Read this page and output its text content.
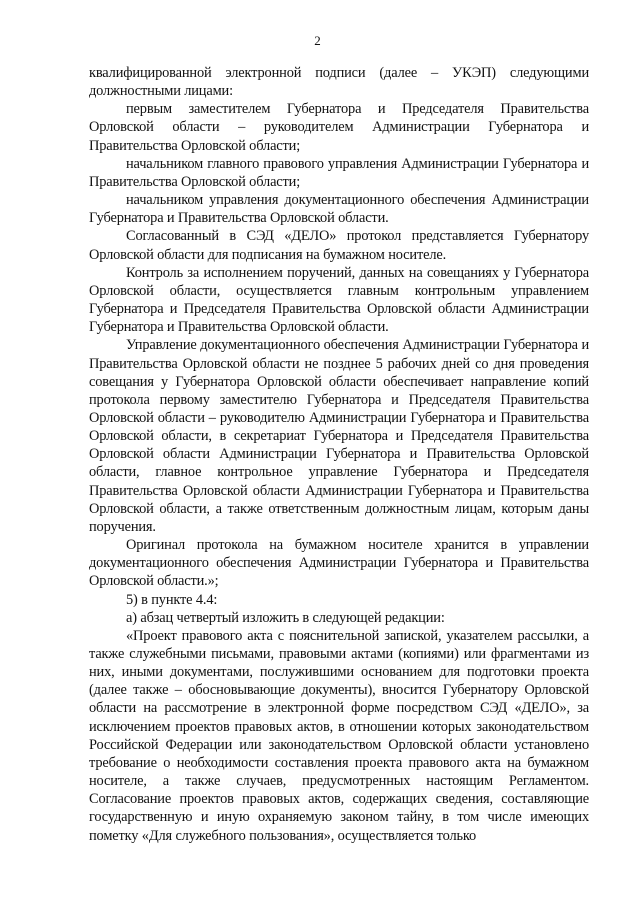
2

квалифицированной электронной подписи (далее – УКЭП) следующими должностными лицами:

первым заместителем Губернатора и Председателя Правительства Орловской области – руководителем Администрации Губернатора и Правительства Орловской области;

начальником главного правового управления Администрации Губернатора и Правительства Орловской области;

начальником управления документационного обеспечения Администрации Губернатора и Правительства Орловской области.

Согласованный в СЭД «ДЕЛО» протокол представляется Губернатору Орловской области для подписания на бумажном носителе.

Контроль за исполнением поручений, данных на совещаниях у Губернатора Орловской области, осуществляется главным контрольным управлением Губернатора и Председателя Правительства Орловской области Администрации Губернатора и Правительства Орловской области.

Управление документационного обеспечения Администрации Губернатора и Правительства Орловской области не позднее 5 рабочих дней со дня проведения совещания у Губернатора Орловской области обеспечивает направление копий протокола первому заместителю Губернатора и Председателя Правительства Орловской области – руководителю Администрации Губернатора и Правительства Орловской области, в секретариат Губернатора и Председателя Правительства Орловской области Администрации Губернатора и Правительства Орловской области, главное контрольное управление Губернатора и Председателя Правительства Орловской области Администрации Губернатора и Правительства Орловской области, а также ответственным должностным лицам, которым даны поручения.

Оригинал протокола на бумажном носителе хранится в управлении документационного обеспечения Администрации Губернатора и Правительства Орловской области.»;

5) в пункте 4.4:

а) абзац четвертый изложить в следующей редакции:

«Проект правового акта с пояснительной запиской, указателем рассылки, а также служебными письмами, правовыми актами (копиями) или фрагментами из них, иными документами, послужившими основанием для подготовки проекта (далее также – обосновывающие документы), вносится Губернатору Орловской области на рассмотрение в электронной форме посредством СЭД «ДЕЛО», за исключением проектов правовых актов, в отношении которых законодательством Российской Федерации или законодательством Орловской области установлено требование о необходимости составления проекта правового акта на бумажном носителе, а также случаев, предусмотренных настоящим Регламентом. Согласование проектов правовых актов, содержащих сведения, составляющие государственную и иную охраняемую законом тайну, в том числе имеющих пометку «Для служебного пользования», осуществляется только
